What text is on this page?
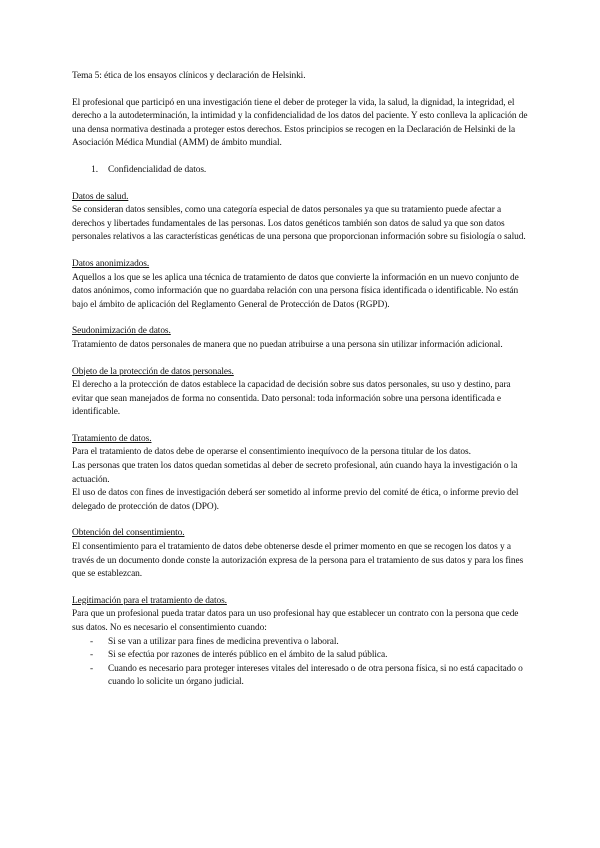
Tema 5: ética de los ensayos clínicos y declaración de Helsinki.

El profesional que participó en una investigación tiene el deber de proteger la vida, la salud, la dignidad, la integridad, el derecho a la autodeterminación, la intimidad y la confidencialidad de los datos del paciente. Y esto conlleva la aplicación de una densa normativa destinada a proteger estos derechos. Estos principios se recogen en la Declaración de Helsinki de la Asociación Médica Mundial (AMM) de ámbito mundial.

1.	Confidencialidad de datos.

Datos de salud.

Se consideran datos sensibles, como una categoría especial de datos personales ya que su tratamiento puede afectar a derechos y libertades fundamentales de las personas. Los datos genéticos también son datos de salud ya que son datos personales relativos a las características genéticas de una persona que proporcionan información sobre su fisiología o salud.

Datos anonimizados.

Aquellos a los que se les aplica una técnica de tratamiento de datos que convierte la información en un nuevo conjunto de datos anónimos, como información que no guardaba relación con una persona física identificada o identificable. No están bajo el ámbito de aplicación del Reglamento General de Protección de Datos (RGPD).

Seudonimización de datos.

Tratamiento de datos personales de manera que no puedan atribuirse a una persona sin utilizar información adicional.

Objeto de la protección de datos personales.

El derecho a la protección de datos establece la capacidad de decisión sobre sus datos personales, su uso y destino, para evitar que sean manejados de forma no consentida. Dato personal: toda información sobre una persona identificada e identificable.

Tratamiento de datos.

Para el tratamiento de datos debe de operarse el consentimiento inequívoco de la persona titular de los datos.

Las personas que traten los datos quedan sometidas al deber de secreto profesional, aún cuando haya la investigación o la actuación.

El uso de datos con fines de investigación deberá ser sometido al informe previo del comité de ética, o informe previo del delegado de protección de datos (DPO).

Obtención del consentimiento.

El consentimiento para el tratamiento de datos debe obtenerse desde el primer momento en que se recogen los datos y a través de un documento donde conste la autorización expresa de la persona para el tratamiento de sus datos y para los fines que se establezcan.

Legitimación para el tratamiento de datos.

Para que un profesional pueda tratar datos para un uso profesional hay que establecer un contrato con la persona que cede sus datos. No es necesario el consentimiento cuando:

-	Si se van a utilizar para fines de medicina preventiva o laboral.
-	Si se efectúa por razones de interés público en el ámbito de la salud pública.
-	Cuando es necesario para proteger intereses vitales del interesado o de otra persona física, si no está capacitado o cuando lo solicite un órgano judicial.
